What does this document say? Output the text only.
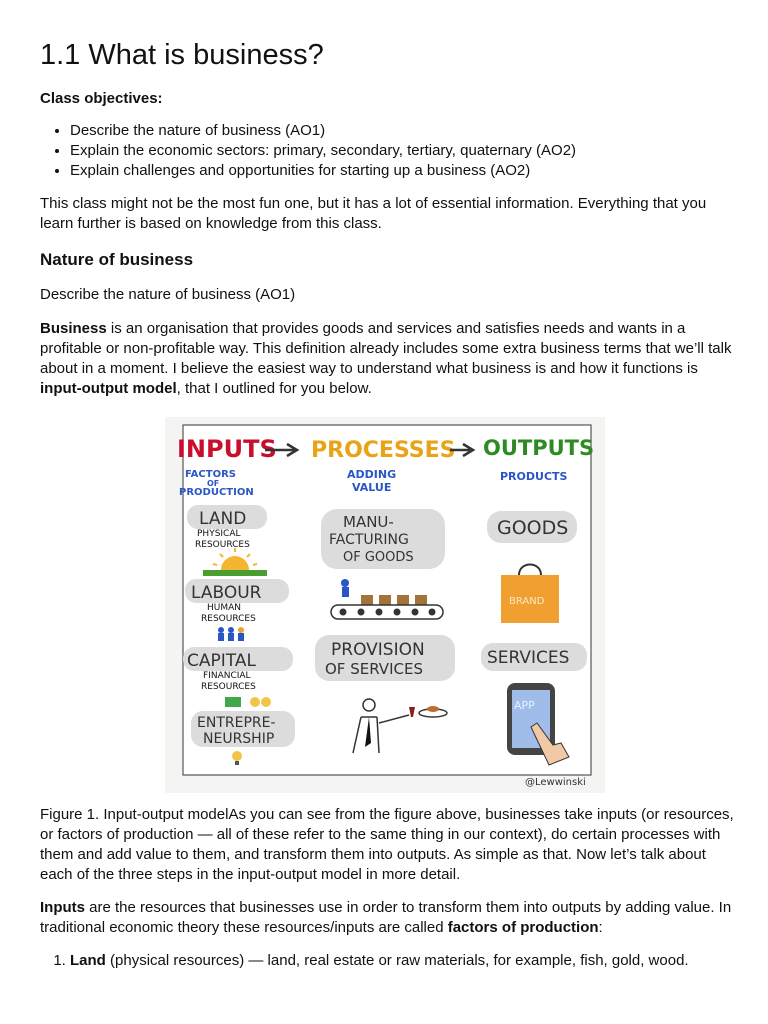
1.1 What is business?

Class objectives:

• Describe the nature of business (AO1)
• Explain the economic sectors: primary, secondary, tertiary, quaternary (AO2)
• Explain challenges and opportunities for starting up a business (AO2)

This class might not be the most fun one, but it has a lot of essential information. Everything that you learn further is based on knowledge from this class.

Nature of business

Describe the nature of business (AO1)

Business is an organisation that provides goods and services and satisfies needs and wants in a profitable or non-profitable way. This definition already includes some extra business terms that we’ll talk about in a moment. I believe the easiest way to understand what business is and how it functions is input-output model, that I outlined for you below.

INPUTS PROCESSES OUTPUTS
FACTORS
OF
PRODUCTION
ADDING
VALUE
PRODUCTS
LAND
PHYSICAL
RESOURCES
LABOUR
HUMAN
RESOURCES
CAPITAL
FINANCIAL
RESOURCES
ENTREPRE-
NEURSHIP
MANU-
FACTURING
OF GOODS
PROVISION
OF SERVICES
GOODS
BRAND
SERVICES
APP
@Lewwinski

Figure 1. Input-output modelAs you can see from the figure above, businesses take inputs (or resources, or factors of production — all of these refer to the same thing in our context), do certain processes with them and add value to them, and transform them into outputs. As simple as that. Now let’s talk about each of the three steps in the input-output model in more detail.

Inputs are the resources that businesses use in order to transform them into outputs by adding value. In traditional economic theory these resources/inputs are called factors of production:

1. Land (physical resources) — land, real estate or raw materials, for example, fish, gold, wood.
